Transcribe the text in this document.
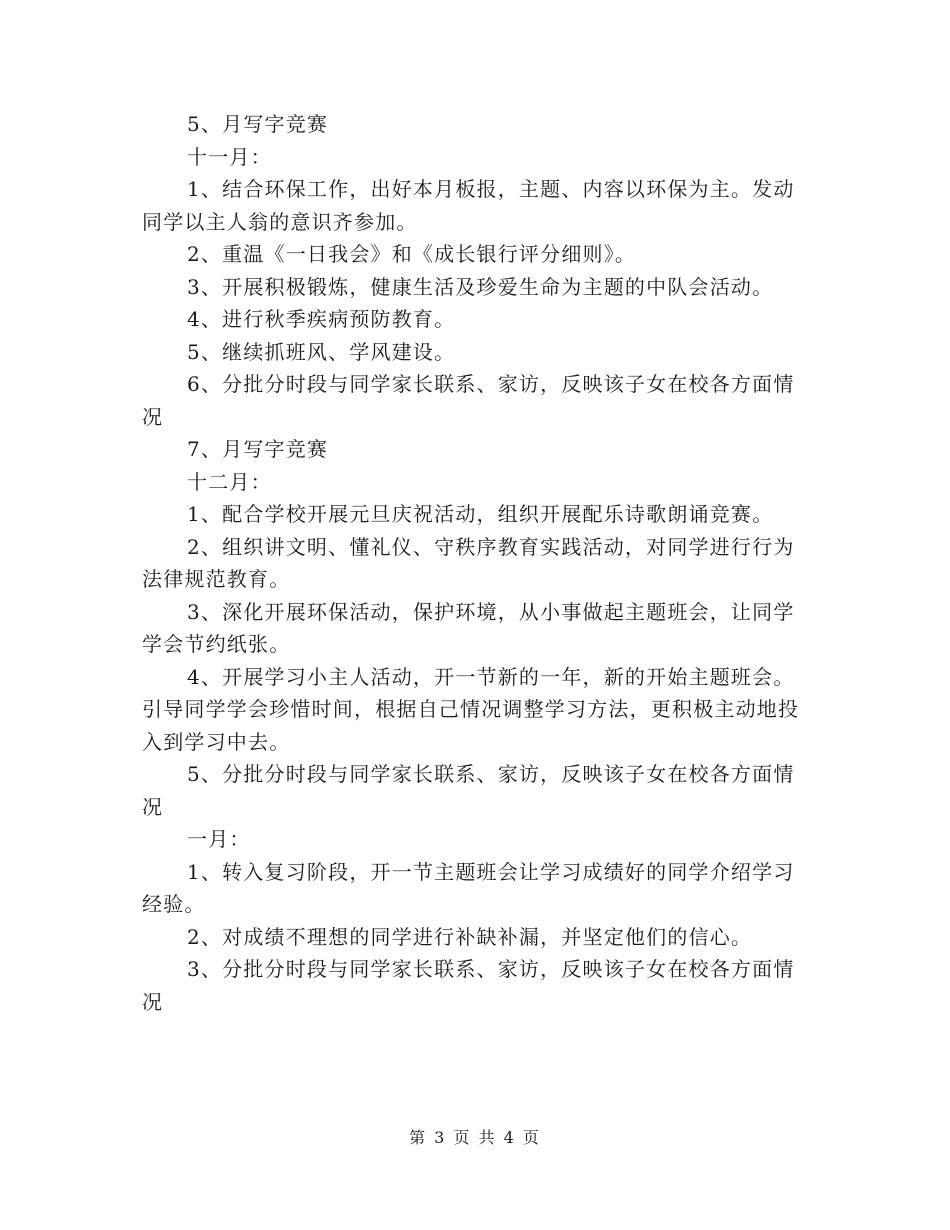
5、月写字竞赛

十一月：

1、结合环保工作，出好本月板报，主题、内容以环保为主。发动同学以主人翁的意识齐参加。

2、重温《一日我会》和《成长银行评分细则》。

3、开展积极锻炼，健康生活及珍爱生命为主题的中队会活动。

4、进行秋季疾病预防教育。

5、继续抓班风、学风建设。

6、分批分时段与同学家长联系、家访，反映该子女在校各方面情况

7、月写字竞赛

十二月：

1、配合学校开展元旦庆祝活动，组织开展配乐诗歌朗诵竞赛。

2、组织讲文明、懂礼仪、守秩序教育实践活动，对同学进行行为法律规范教育。

3、深化开展环保活动，保护环境，从小事做起主题班会，让同学学会节约纸张。

4、开展学习小主人活动，开一节新的一年，新的开始主题班会。引导同学学会珍惜时间，根据自己情况调整学习方法，更积极主动地投入到学习中去。

5、分批分时段与同学家长联系、家访，反映该子女在校各方面情况

一月：

1、转入复习阶段，开一节主题班会让学习成绩好的同学介绍学习经验。

2、对成绩不理想的同学进行补缺补漏，并坚定他们的信心。

3、分批分时段与同学家长联系、家访，反映该子女在校各方面情况

第 3 页 共 4 页
